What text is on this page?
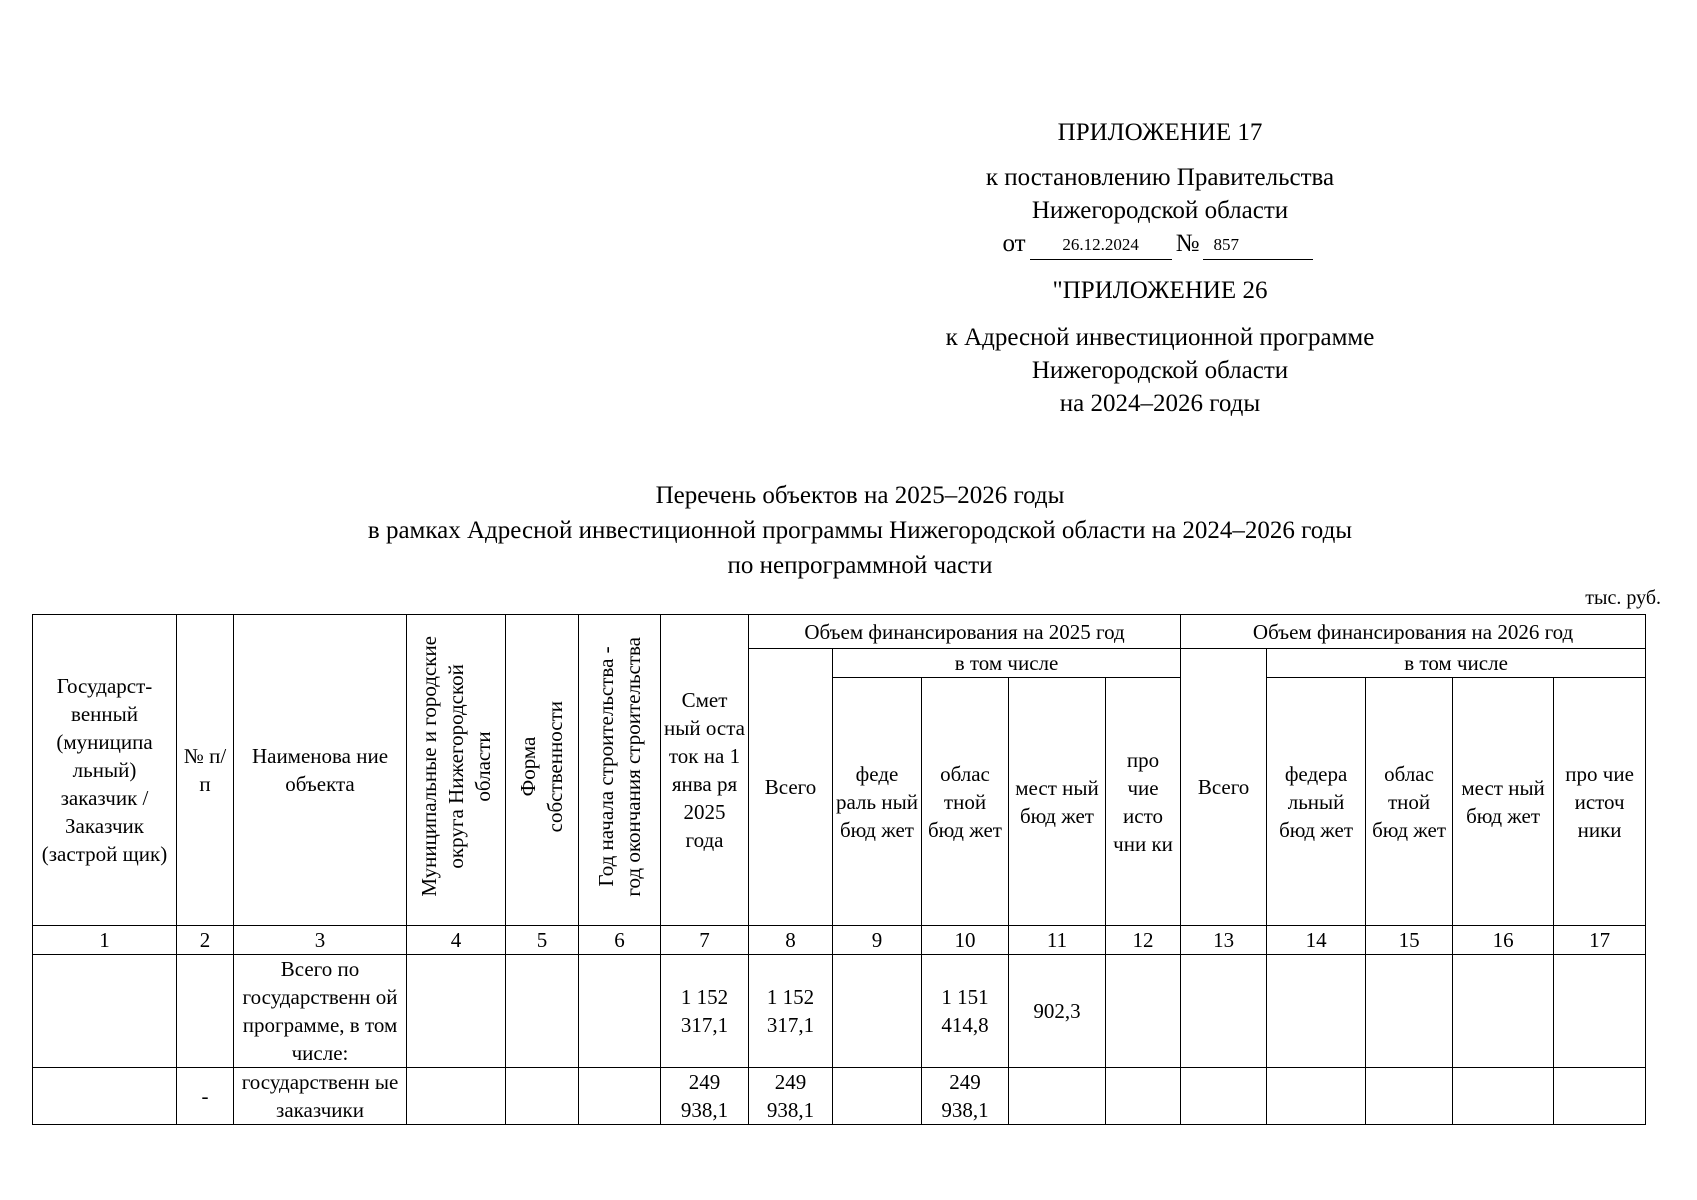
ПРИЛОЖЕНИЕ 17
к постановлению Правительства
Нижегородской области
от	26.12.2024	№ 857
"ПРИЛОЖЕНИЕ 26
к Адресной инвестиционной программе
Нижегородской области
на 2024–2026 годы
Перечень объектов на 2025–2026 годы
в рамках Адресной инвестиционной программы Нижегородской области на 2024–2026 годы
по непрограммной части
тыс. руб.
Государст-венный (муниципа льный) заказчик / Заказчик (застрой щик)	№ п/п	Наименова ние объекта	Муниципальные и городские округа Нижегородской области	Форма собственности	Год начала строительства - год окончания строительства	Смет ный оста ток на 1 янва ря 2025 года	Объем финансирования на 2025 год					Объем финансирования на 2026 год				
							Всего	в том числе				Всего	в том числе			
								феде раль ный бюд жет	облас тной бюд жет	мест ный бюд жет	про чие исто чни ки		федера льный бюд жет	облас тной бюд жет	мест ный бюд жет	про чие источ ники
1	2	3	4	5	6	7	8	9	10	11	12	13	14	15	16	17
		Всего по государственн ой программе, в том числе:				1 152 317,1	1 152 317,1		1 151 414,8	902,3						
	-	государственн ые заказчики				249 938,1	249 938,1		249 938,1							
